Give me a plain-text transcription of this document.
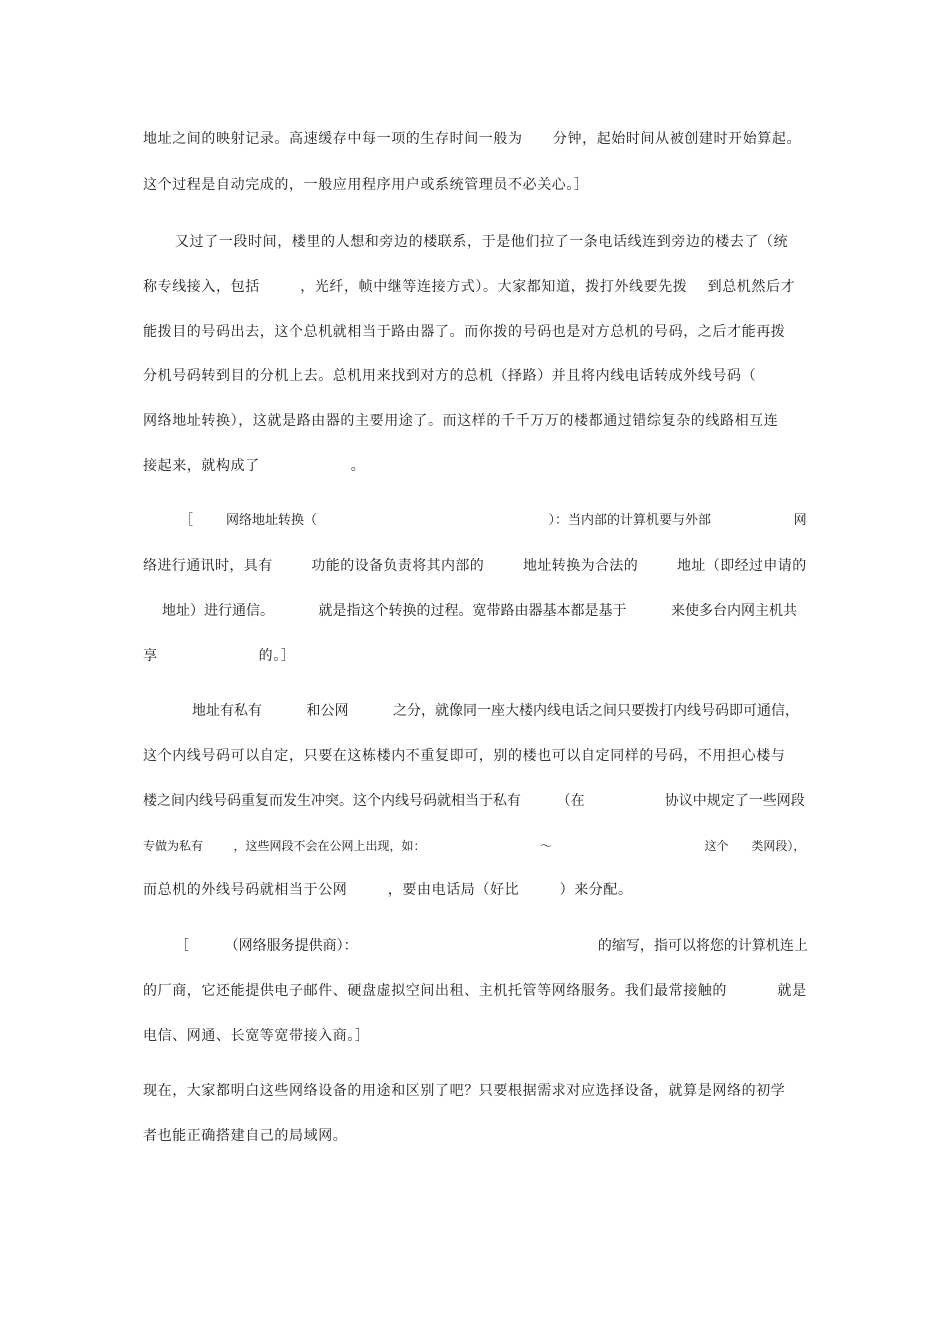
地址之间的映射记录。高速缓存中每一项的生存时间一般为      分钟，起始时间从被创建时开始算起。
这个过程是自动完成的，一般应用程序用户或系统管理员不必关心。］
又过了一段时间，楼里的人想和旁边的楼联系，于是他们拉了一条电话线连到旁边的楼去了（统
称专线接入，包括        ，光纤，帧中继等连接方式）。大家都知道，拨打外线要先拨    到总机然后才
能拨目的号码出去，这个总机就相当于路由器了。而你拨的号码也是对方总机的号码，之后才能再拨
分机号码转到目的分机上去。总机用来找到对方的总机（择路）并且将内线电话转成外线号码（
网络地址转换），这就是路由器的主要用途了。而这样的千千万万的楼都通过错综复杂的线路相互连
接起来，就构成了                  。
［        网络地址转换（                                                        ）：当内部的计算机要与外部                    网
络进行通讯时，具有        功能的设备负责将其内部的        地址转换为合法的        地址（即经过申请的
地址）进行通信。          就是指这个转换的过程。宽带路由器基本都是基于          来使多台内网主机共
享                    的。］
地址有私有          和公网          之分，就像同一座大楼内线电话之间只要拨打内线号码即可通信，
这个内线号码可以自定，只要在这栋楼内不重复即可，别的楼也可以自定同样的号码，不用担心楼与
楼之间内线号码重复而发生冲突。这个内线号码就相当于私有        （在                  协议中规定了一些网段
专做为私有        ，这些网段不会在公网上出现，如：                              ～                                        这个      类网段），
而总机的外线号码就相当于公网        ，要由电话局（好比        ）来分配。
［        （网络服务提供商）：                                                      的缩写，指可以将您的计算机连上
的厂商，它还能提供电子邮件、硬盘虚拟空间出租、主机托管等网络服务。我们最常接触的          就是
电信、网通、长宽等宽带接入商。］
现在，大家都明白这些网络设备的用途和区别了吧？只要根据需求对应选择设备，就算是网络的初学
者也能正确搭建自己的局域网。
